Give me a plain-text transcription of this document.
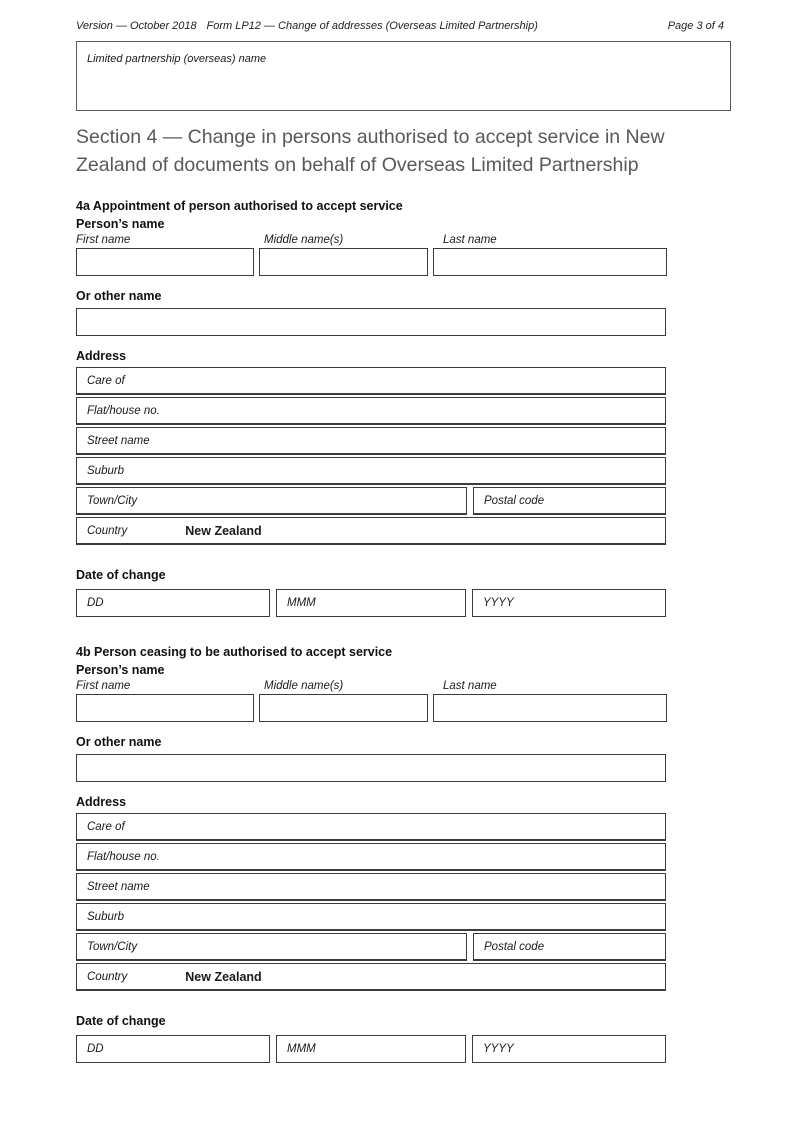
Version — October 2018 Form LP12 — Change of addresses (Overseas Limited Partnership)	Page 3 of 4
Limited partnership (overseas) name
Section 4 — Change in persons authorised to accept service in New Zealand of documents on behalf of Overseas Limited Partnership
4a Appointment of person authorised to accept service
Person’s name
First name	Middle name(s)	Last name
Or other name
Address
Care of
Flat/house no.
Street name
Suburb
Town/City	Postal code
Country	New Zealand
Date of change
DD	MMM	YYYY
4b Person ceasing to be authorised to accept service
Person’s name
First name	Middle name(s)	Last name
Or other name
Address
Care of
Flat/house no.
Street name
Suburb
Town/City	Postal code
Country	New Zealand
Date of change
DD	MMM	YYYY
